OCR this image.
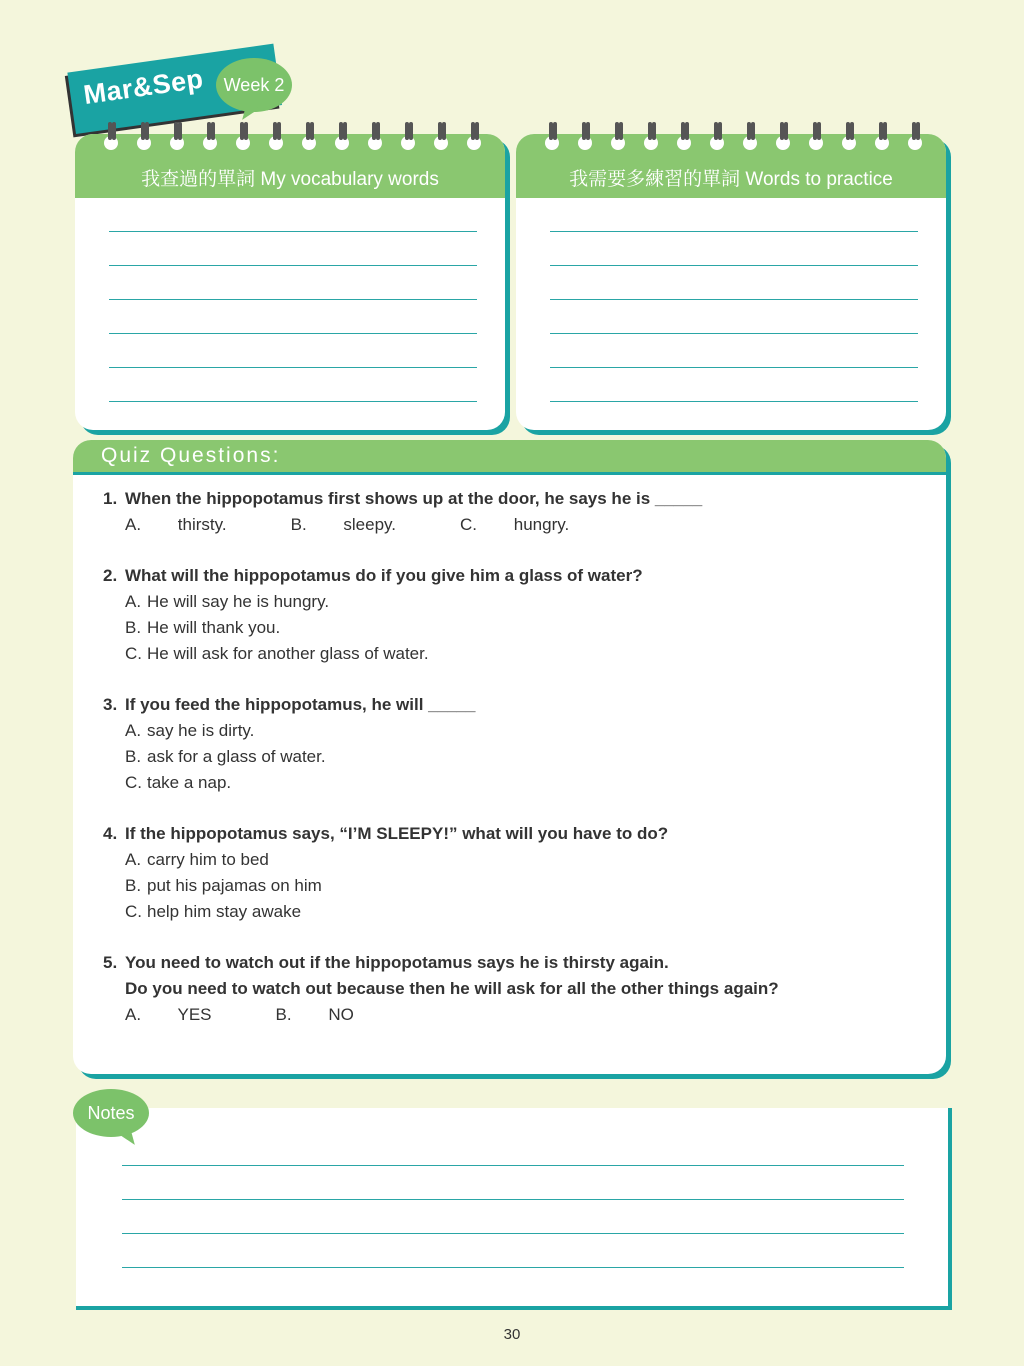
Mar&Sep	Week 2
我查過的單詞 My vocabulary words	我需要多練習的單詞 Words to practice
Quiz Questions:
1. When the hippopotamus first shows up at the door, he says he is _____
A. thirsty.	B. sleepy.	C. hungry.
2. What will the hippopotamus do if you give him a glass of water?
A. He will say he is hungry.
B. He will thank you.
C. He will ask for another glass of water.
3. If you feed the hippopotamus, he will _____
A. say he is dirty.
B. ask for a glass of water.
C. take a nap.
4. If the hippopotamus says, “I’M SLEEPY!” what will you have to do?
A. carry him to bed
B. put his pajamas on him
C. help him stay awake
5. You need to watch out if the hippopotamus says he is thirsty again.
Do you need to watch out because then he will ask for all the other things again?
A. YES	B. NO
Notes
30
